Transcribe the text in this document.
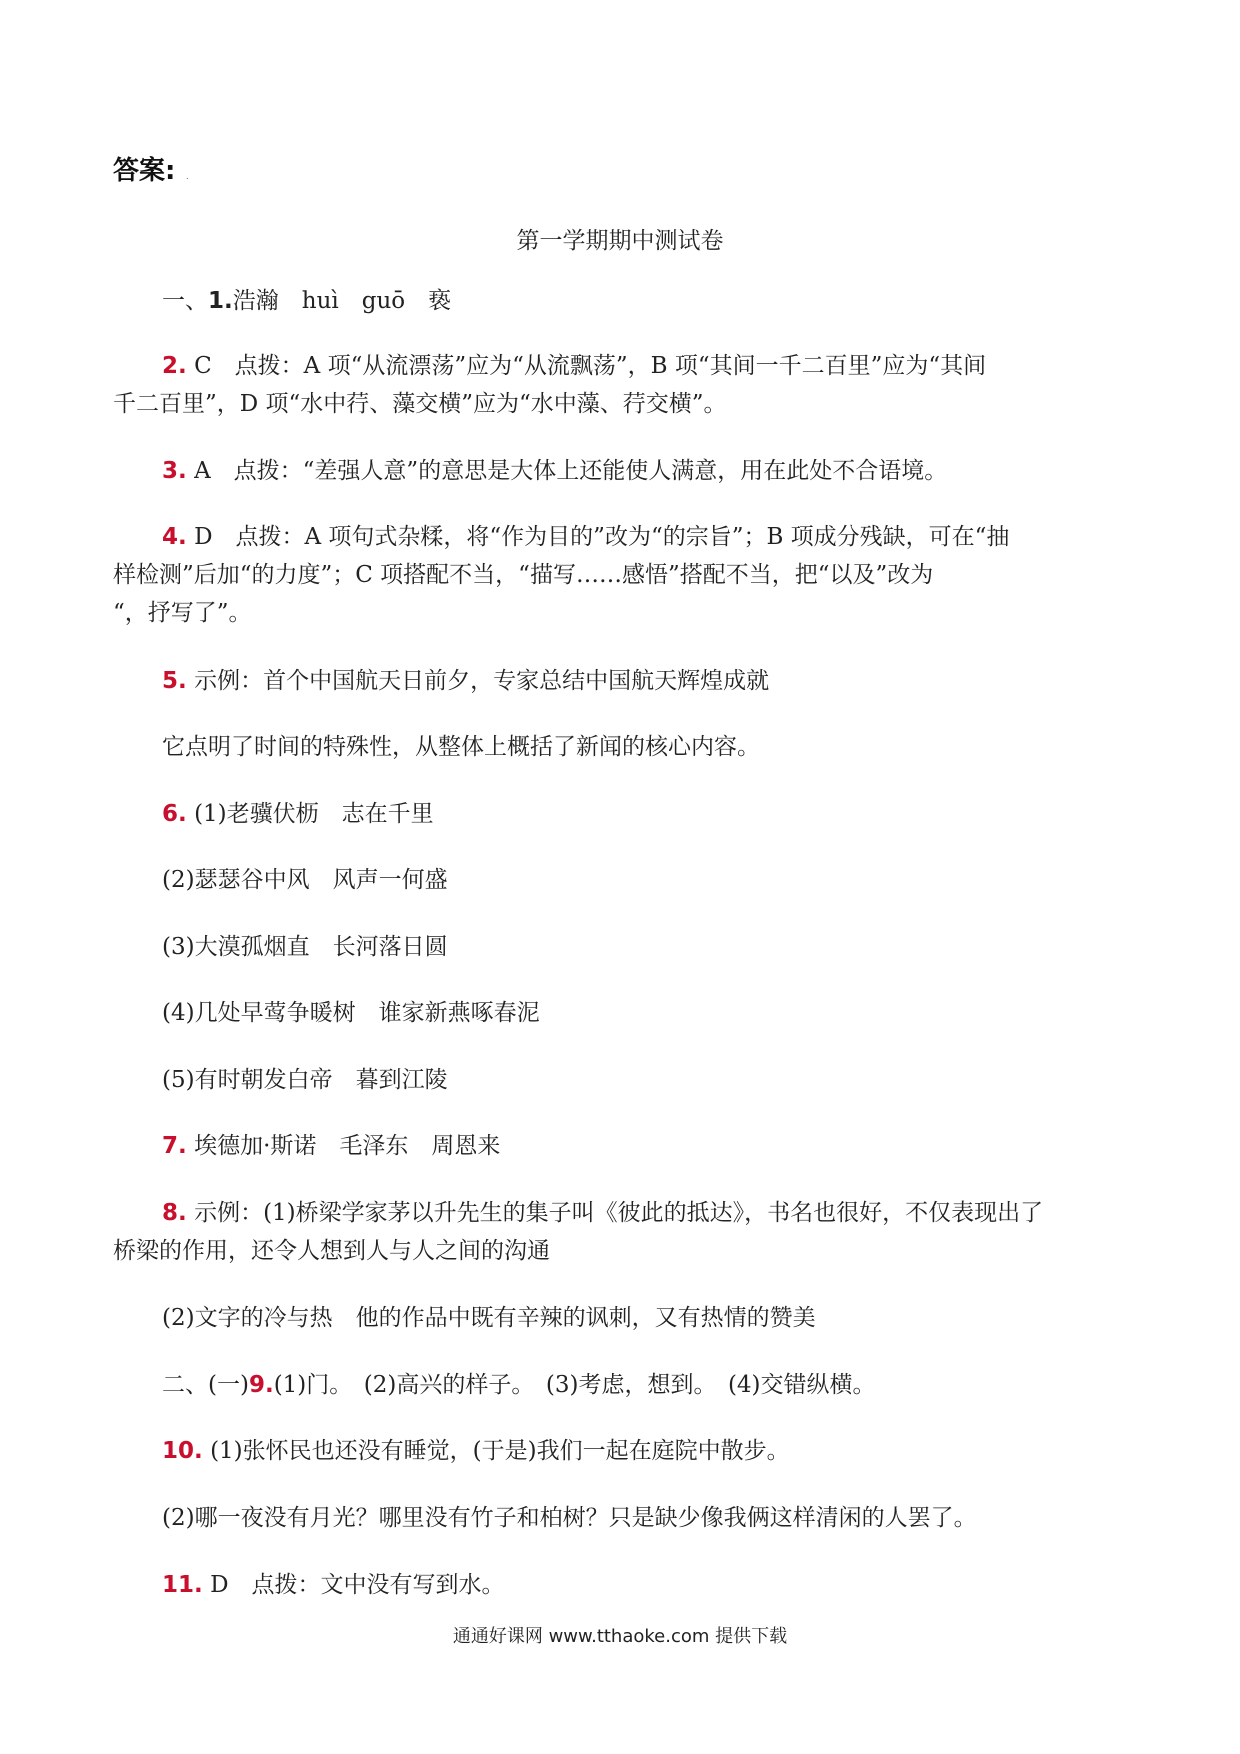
答案: .
第一学期期中测试卷
一、1.浩瀚　huì　guō　亵
2. C　点拨：A 项“从流漂荡”应为“从流飘荡”，B 项“其间一千二百里”应为“其间
千二百里”，D 项“水中荇、藻交横”应为“水中藻、荇交横”。
3. A　点拨：“差强人意”的意思是大体上还能使人满意，用在此处不合语境。
4. D　点拨：A 项句式杂糅，将“作为目的”改为“的宗旨”；B 项成分残缺，可在“抽
样检测”后加“的力度”；C 项搭配不当，“描写……感悟”搭配不当，把“以及”改为
“，抒写了”。
5. 示例：首个中国航天日前夕，专家总结中国航天辉煌成就
它点明了时间的特殊性，从整体上概括了新闻的核心内容。
6. (1)老骥伏枥　志在千里
(2)瑟瑟谷中风　风声一何盛
(3)大漠孤烟直　长河落日圆
(4)几处早莺争暖树　谁家新燕啄春泥
(5)有时朝发白帝　暮到江陵
7. 埃德加·斯诺　毛泽东　周恩来
8. 示例：(1)桥梁学家茅以升先生的集子叫《彼此的抵达》，书名也很好，不仅表现出了
桥梁的作用，还令人想到人与人之间的沟通
(2)文字的冷与热　他的作品中既有辛辣的讽刺，又有热情的赞美
二、(一)9.(1)门。　(2)高兴的样子。　(3)考虑，想到。　(4)交错纵横。
10. (1)张怀民也还没有睡觉，(于是)我们一起在庭院中散步。
(2)哪一夜没有月光？哪里没有竹子和柏树？只是缺少像我俩这样清闲的人罢了。
11. D　点拨：文中没有写到水。
通通好课网 www.tthaoke.com 提供下载
